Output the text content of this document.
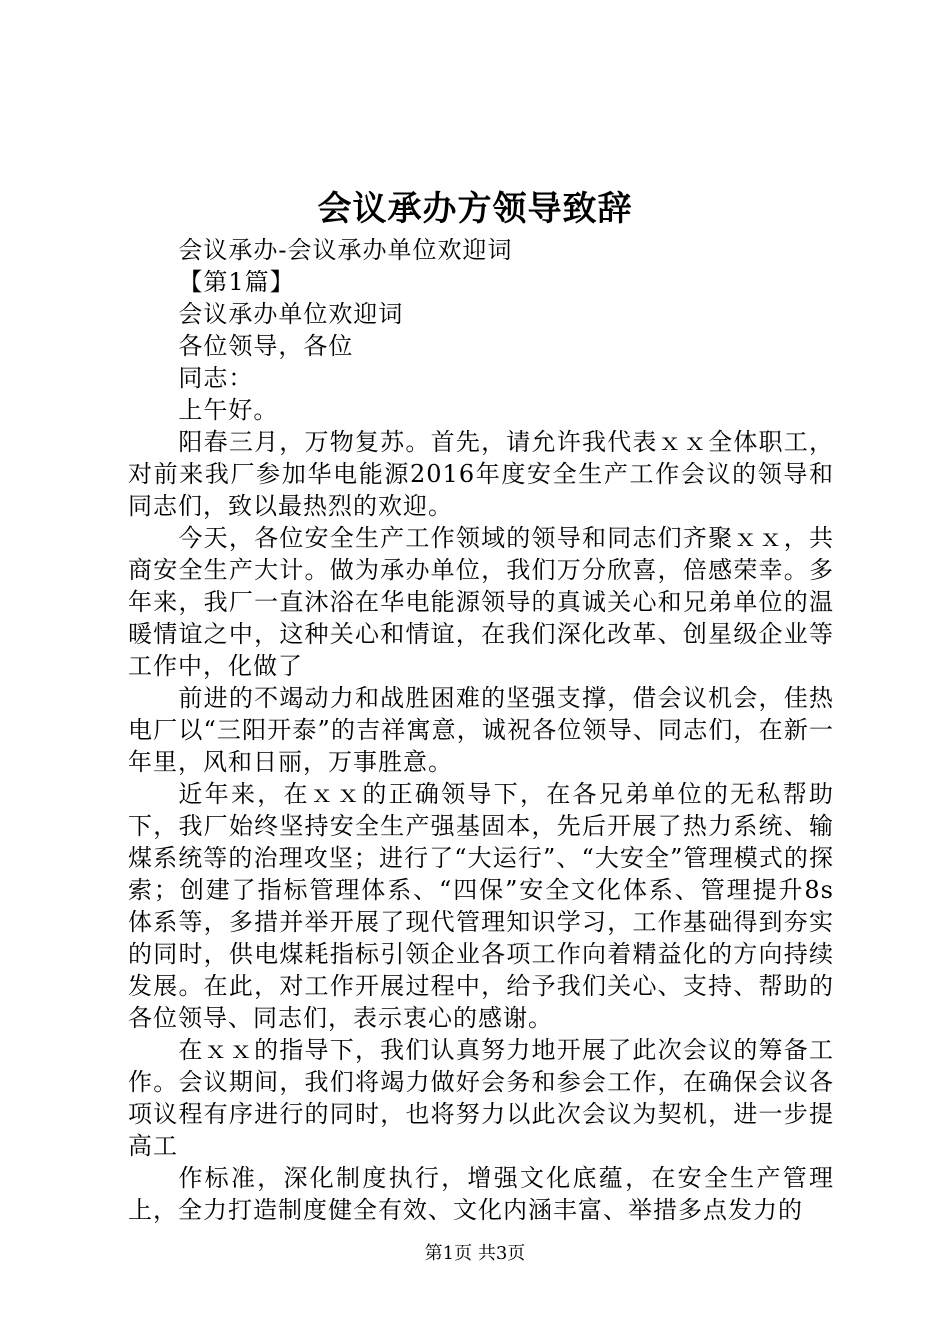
会议承办方领导致辞

会议承办-会议承办单位欢迎词

【第1篇】

会议承办单位欢迎词

各位领导，各位

同志：

上午好。

阳春三月，万物复苏。首先，请允许我代表ｘｘ全体职工，对前来我厂参加华电能源2016年度安全生产工作会议的领导和同志们，致以最热烈的欢迎。

今天，各位安全生产工作领域的领导和同志们齐聚ｘｘ，共商安全生产大计。做为承办单位，我们万分欣喜，倍感荣幸。多年来，我厂一直沐浴在华电能源领导的真诚关心和兄弟单位的温暖情谊之中，这种关心和情谊，在我们深化改革、创星级企业等工作中，化做了

前进的不竭动力和战胜困难的坚强支撑，借会议机会，佳热电厂以“三阳开泰”的吉祥寓意，诚祝各位领导、同志们，在新一年里，风和日丽，万事胜意。

近年来，在ｘｘ的正确领导下，在各兄弟单位的无私帮助下，我厂始终坚持安全生产强基固本，先后开展了热力系统、输煤系统等的治理攻坚；进行了“大运行”、“大安全”管理模式的探索；创建了指标管理体系、“四保”安全文化体系、管理提升8s体系等，多措并举开展了现代管理知识学习，工作基础得到夯实的同时，供电煤耗指标引领企业各项工作向着精益化的方向持续发展。在此，对工作开展过程中，给予我们关心、支持、帮助的各位领导、同志们，表示衷心的感谢。

在ｘｘ的指导下，我们认真努力地开展了此次会议的筹备工作。会议期间，我们将竭力做好会务和参会工作，在确保会议各项议程有序进行的同时，也将努力以此次会议为契机，进一步提高工

作标准，深化制度执行，增强文化底蕴，在安全生产管理上，全力打造制度健全有效、文化内涵丰富、举措多点发力的

第1页 共3页
